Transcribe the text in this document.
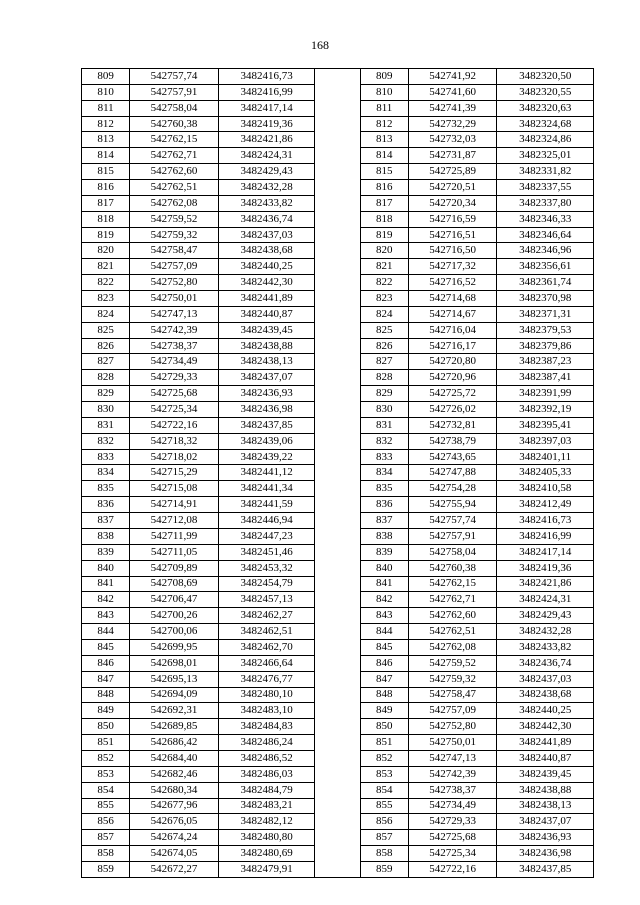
168
809	542757,74	3482416,73		809	542741,92	3482320,50
810	542757,91	3482416,99		810	542741,60	3482320,55
811	542758,04	3482417,14		811	542741,39	3482320,63
812	542760,38	3482419,36		812	542732,29	3482324,68
813	542762,15	3482421,86		813	542732,03	3482324,86
814	542762,71	3482424,31		814	542731,87	3482325,01
815	542762,60	3482429,43		815	542725,89	3482331,82
816	542762,51	3482432,28		816	542720,51	3482337,55
817	542762,08	3482433,82		817	542720,34	3482337,80
818	542759,52	3482436,74		818	542716,59	3482346,33
819	542759,32	3482437,03		819	542716,51	3482346,64
820	542758,47	3482438,68		820	542716,50	3482346,96
821	542757,09	3482440,25		821	542717,32	3482356,61
822	542752,80	3482442,30		822	542716,52	3482361,74
823	542750,01	3482441,89		823	542714,68	3482370,98
824	542747,13	3482440,87		824	542714,67	3482371,31
825	542742,39	3482439,45		825	542716,04	3482379,53
826	542738,37	3482438,88		826	542716,17	3482379,86
827	542734,49	3482438,13		827	542720,80	3482387,23
828	542729,33	3482437,07		828	542720,96	3482387,41
829	542725,68	3482436,93		829	542725,72	3482391,99
830	542725,34	3482436,98		830	542726,02	3482392,19
831	542722,16	3482437,85		831	542732,81	3482395,41
832	542718,32	3482439,06		832	542738,79	3482397,03
833	542718,02	3482439,22		833	542743,65	3482401,11
834	542715,29	3482441,12		834	542747,88	3482405,33
835	542715,08	3482441,34		835	542754,28	3482410,58
836	542714,91	3482441,59		836	542755,94	3482412,49
837	542712,08	3482446,94		837	542757,74	3482416,73
838	542711,99	3482447,23		838	542757,91	3482416,99
839	542711,05	3482451,46		839	542758,04	3482417,14
840	542709,89	3482453,32		840	542760,38	3482419,36
841	542708,69	3482454,79		841	542762,15	3482421,86
842	542706,47	3482457,13		842	542762,71	3482424,31
843	542700,26	3482462,27		843	542762,60	3482429,43
844	542700,06	3482462,51		844	542762,51	3482432,28
845	542699,95	3482462,70		845	542762,08	3482433,82
846	542698,01	3482466,64		846	542759,52	3482436,74
847	542695,13	3482476,77		847	542759,32	3482437,03
848	542694,09	3482480,10		848	542758,47	3482438,68
849	542692,31	3482483,10		849	542757,09	3482440,25
850	542689,85	3482484,83		850	542752,80	3482442,30
851	542686,42	3482486,24		851	542750,01	3482441,89
852	542684,40	3482486,52		852	542747,13	3482440,87
853	542682,46	3482486,03		853	542742,39	3482439,45
854	542680,34	3482484,79		854	542738,37	3482438,88
855	542677,96	3482483,21		855	542734,49	3482438,13
856	542676,05	3482482,12		856	542729,33	3482437,07
857	542674,24	3482480,80		857	542725,68	3482436,93
858	542674,05	3482480,69		858	542725,34	3482436,98
859	542672,27	3482479,91		859	542722,16	3482437,85
